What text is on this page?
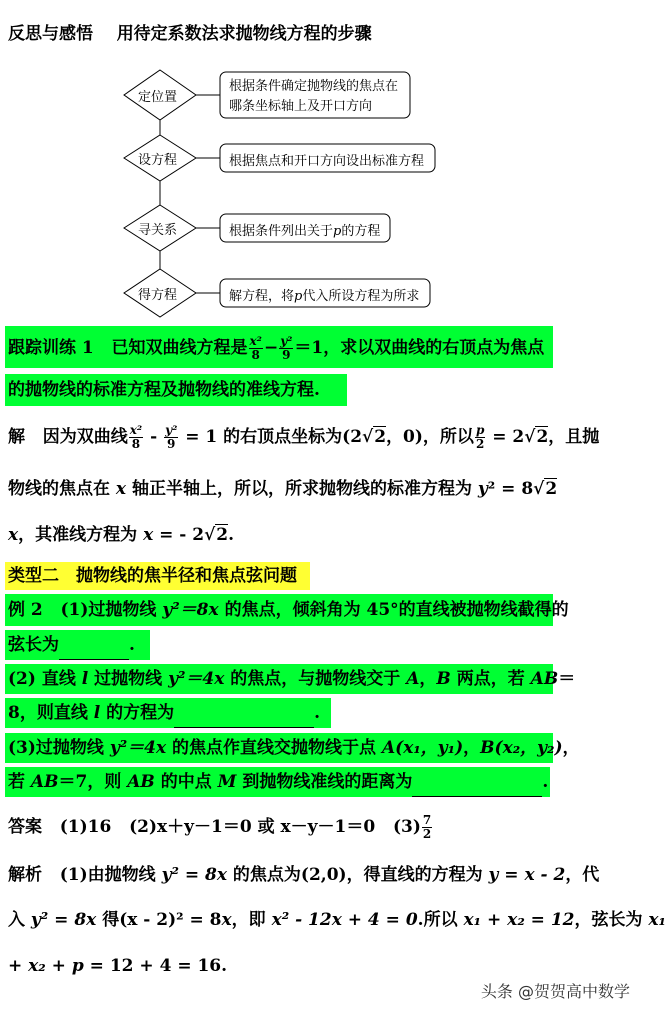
反思与感悟 用待定系数法求抛物线方程的步骤
定位置
设方程
寻关系
得方程
根据条件确定抛物线的焦点在
哪条坐标轴上及开口方向
根据焦点和开口方向设出标准方程
根据条件列出关于p的方程
解方程，将p代入所设方程为所求
跟踪训练 1 已知双曲线方程是 $\frac{\text{x²}}{8} - \frac{\text{y²}}{9} =1$，求以双曲线的右顶点为焦点
的抛物线的标准方程及抛物线的准线方程.
解 因为双曲线 $\frac{\text{x²}}{8} - \frac{\text{y²}}{9} = 1$ 的右顶点坐标为(2√2，0)，所以 $\frac{p}{2} = 2√2$，且抛
物线的焦点在 x 轴正半轴上，所以，所求抛物线的标准方程为 y² = 8√2
x，其准线方程为 x = - 2√2.
类型二　抛物线的焦半径和焦点弦问题
例 2 (1)过抛物线 y²＝8x 的焦点，倾斜角为 45°的直线被抛物线截得的
弦长为	.
(2) 直线 l 过抛物线 y²＝4x 的焦点，与抛物线交于 A，B 两点，若 AB＝
8，则直线 l 的方程为	.
(3)过抛物线 y²＝4x 的焦点作直线交抛物线于点 A(x₁，y₁)，B(x₂，y₂)，
若 AB＝7，则 AB 的中点 M 到抛物线准线的距离为	.
答案 (1)16 (2)x＋y－1＝0 或 x－y－1＝0 $(3) \frac{7}{2}$
解析 (1)由抛物线 y² = 8x 的焦点为(2,0)，得直线的方程为 y = x - 2，代
入 y² = 8x 得(x - 2)² = 8x，即 x² - 12x + 4 = 0.所以 x₁ + x₂ = 12，弦长为 x₁
+ x₂ + p = 12 + 4 = 16.
头条 @贺贺高中数学
